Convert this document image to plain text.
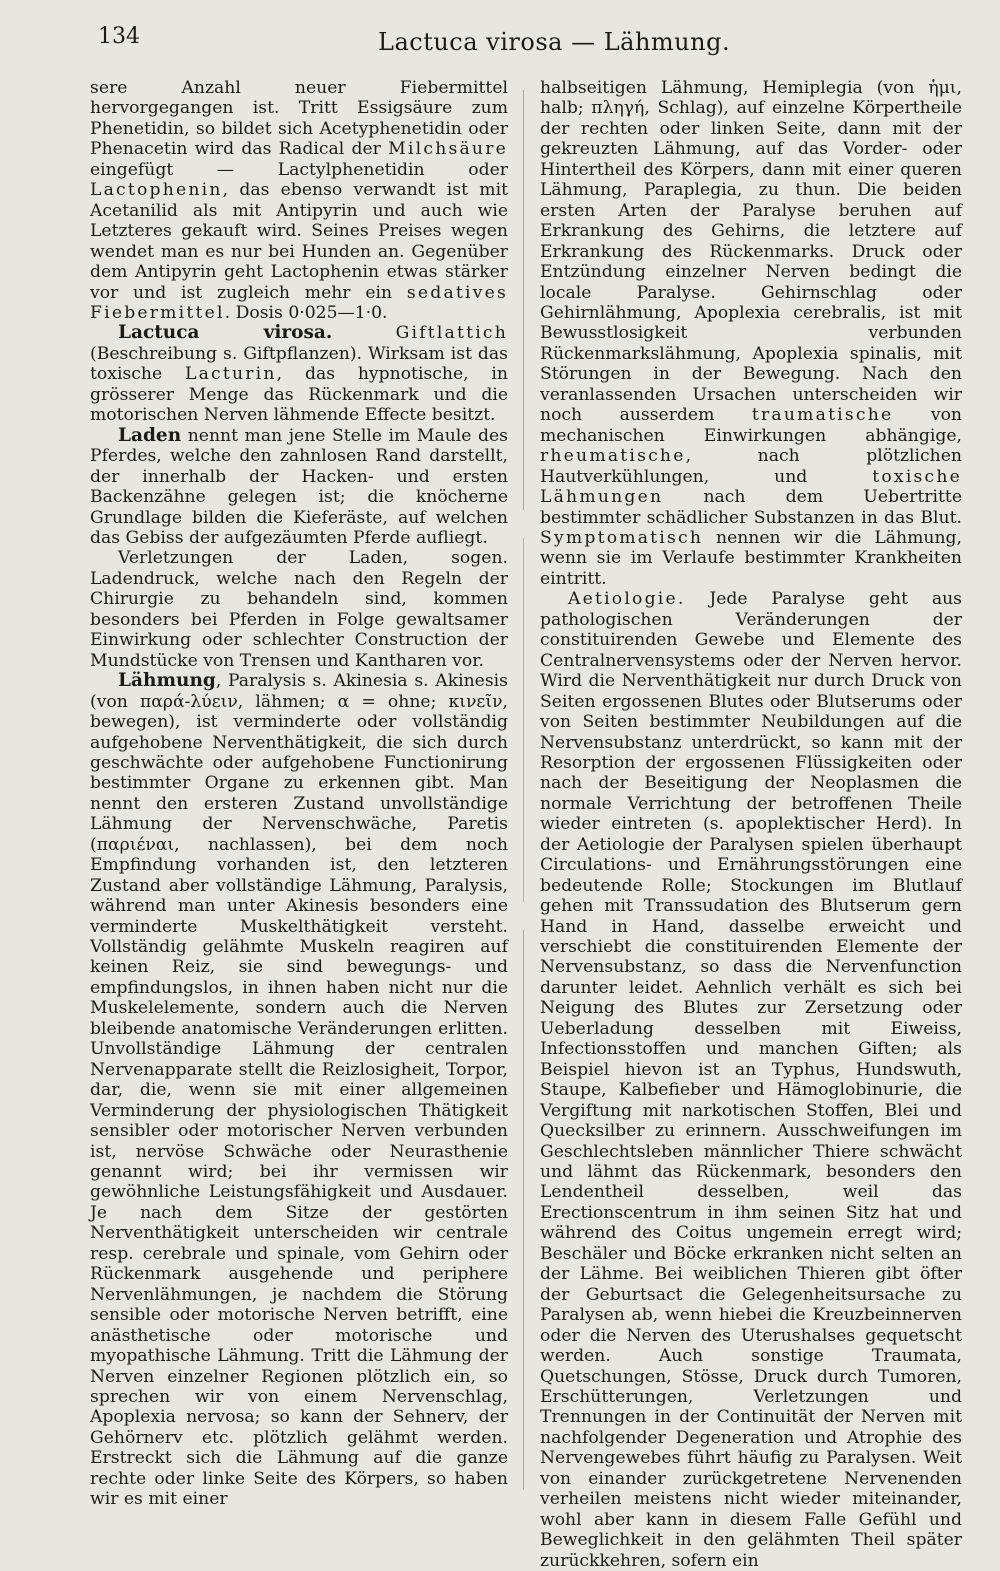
134	Lactuca virosa — Lähmung.

sere Anzahl neuer Fiebermittel hervorgegangen ist. Tritt Essigsäure zum Phenetidin, so bildet sich Acetyphenetidin oder Phenacetin wird das Radical der Milchsäure eingefügt — Lactylphenetidin oder Lactophenin, das ebenso verwandt ist mit Acetanilid als mit Antipyrin und auch wie Letzteres gekauft wird. Seines Preises wegen wendet man es nur bei Hunden an. Gegenüber dem Antipyrin geht Lactophenin etwas stärker vor und ist zugleich mehr ein sedatives Fiebermittel. Dosis 0·025—1·0.

Lactuca virosa.	Giftlattich (Beschreibung s. Giftpflanzen). Wirksam ist das toxische Lacturin, das hypnotische, in grösserer Menge das Rückenmark und die motorischen Nerven lähmende Effecte besitzt.

Laden nennt man jene Stelle im Maule des Pferdes, welche den zahnlosen Rand darstellt, der innerhalb der Hacken- und ersten Backenzähne gelegen ist; die knöcherne Grundlage bilden die Kieferäste, auf welchen das Gebiss der aufgezäumten Pferde aufliegt.

Verletzungen der Laden, sogen. Ladendruck, welche nach den Regeln der Chirurgie zu behandeln sind, kommen besonders bei Pferden in Folge gewaltsamer Einwirkung oder schlechter Construction der Mundstücke von Trensen und Kantharen vor.

Lähmung, Paralysis s. Akinesia s. Akinesis (von παρά-λύειν, lähmen; α = ohne; κινεῖν, bewegen), ist verminderte oder vollständig aufgehobene Nerventhätigkeit, die sich durch geschwächte oder aufgehobene Functionirung bestimmter Organe zu erkennen gibt. Man nennt den ersteren Zustand unvollständige Lähmung der Nervenschwäche, Paretis (παριέναι, nachlassen), bei dem noch Empfindung vorhanden ist, den letzteren Zustand aber vollständige Lähmung, Paralysis, während man unter Akinesis besonders eine verminderte Muskelthätigkeit versteht. Vollständig gelähmte Muskeln reagiren auf keinen Reiz, sie sind bewegungs- und empfindungslos, in ihnen haben nicht nur die Muskelelemente, sondern auch die Nerven bleibende anatomische Veränderungen erlitten. Unvollständige Lähmung der centralen Nervenapparate stellt die Reizlosigheit, Torpor, dar, die, wenn sie mit einer allgemeinen Verminderung der physiologischen Thätigkeit sensibler oder motorischer Nerven verbunden ist, nervöse Schwäche oder Neurasthenie genannt wird; bei ihr vermissen wir gewöhnliche Leistungsfähigkeit und Ausdauer. Je nach dem Sitze der gestörten Nerventhätigkeit unterscheiden wir centrale resp. cerebrale und spinale, vom Gehirn oder Rückenmark ausgehende und periphere Nervenlähmungen, je nachdem die Störung sensible oder motorische Nerven betrifft, eine anästhetische oder motorische und myopathische Lähmung. Tritt die Lähmung der Nerven einzelner Regionen plötzlich ein, so sprechen wir von einem Nervenschlag, Apoplexia nervosa; so kann der Sehnerv, der Gehörnerv etc. plötzlich gelähmt werden. Erstreckt sich die Lähmung auf die ganze rechte oder linke Seite des Körpers, so haben wir es mit einer

halbseitigen Lähmung, Hemiplegia (von ἡμι, halb; πληγή, Schlag), auf einzelne Körpertheile der rechten oder linken Seite, dann mit der gekreuzten Lähmung, auf das Vorder- oder Hintertheil des Körpers, dann mit einer queren Lähmung, Paraplegia, zu thun. Die beiden ersten Arten der Paralyse beruhen auf Erkrankung des Gehirns, die letztere auf Erkrankung des Rückenmarks. Druck oder Entzündung einzelner Nerven bedingt die locale Paralyse. Gehirnschlag oder Gehirnlähmung, Apoplexia cerebralis, ist mit Bewusstlosigkeit verbunden Rückenmarkslähmung, Apoplexia spinalis, mit Störungen in der Bewegung. Nach den veranlassenden Ursachen unterscheiden wir noch ausserdem traumatische von mechanischen Einwirkungen abhängige, rheumatische, nach plötzlichen Hautverkühlungen, und	toxische Lähmungen nach dem Uebertritte bestimmter schädlicher Substanzen in das Blut. Symptomatisch nennen wir die Lähmung, wenn sie im Verlaufe bestimmter Krankheiten eintritt.

Aetiologie. Jede Paralyse geht aus pathologischen Veränderungen der constituirenden Gewebe und Elemente des Centralnervensystems oder der Nerven hervor. Wird die Nerventhätigkeit nur durch Druck von Seiten ergossenen Blutes oder Blutserums oder von Seiten bestimmter Neubildungen auf die Nervensubstanz unterdrückt, so kann mit der Resorption der ergossenen Flüssigkeiten oder nach der Beseitigung der Neoplasmen die normale Verrichtung der betroffenen Theile wieder eintreten (s. apoplektischer Herd). In der Aetiologie der Paralysen spielen überhaupt Circulations- und Ernährungsstörungen eine bedeutende Rolle; Stockungen im Blutlauf gehen mit Transsudation des Blutserum gern Hand in Hand, dasselbe erweicht und verschiebt die constituirenden Elemente der Nervensubstanz, so dass die Nervenfunction darunter leidet. Aehnlich verhält es sich bei Neigung des Blutes zur Zersetzung oder Ueberladung desselben mit Eiweiss, Infectionsstoffen und manchen Giften; als Beispiel hievon ist an Typhus, Hundswuth, Staupe, Kalbefieber und Hämoglobinurie, die Vergiftung mit narkotischen Stoffen, Blei und Quecksilber zu erinnern. Ausschweifungen im Geschlechtsleben männlicher Thiere schwächt und lähmt das Rückenmark, besonders den Lendentheil desselben, weil das Erectionscentrum in ihm seinen Sitz hat und während des Coitus ungemein erregt wird; Beschäler und Böcke erkranken nicht selten an der Lähme. Bei weiblichen Thieren gibt öfter der Geburtsact die Gelegenheitsursache zu Paralysen ab, wenn hiebei die Kreuzbeinnerven oder die Nerven des Uterushalses gequetscht werden. Auch sonstige Traumata, Quetschungen, Stösse, Druck durch Tumoren, Erschütterungen, Verletzungen und Trennungen in der Continuität der Nerven mit nachfolgender Degeneration und Atrophie des Nervengewebes führt häufig zu Paralysen. Weit von einander zurückgetretene Nervenenden verheilen meistens nicht wieder miteinander, wohl aber kann in diesem Falle Gefühl und Beweglichkeit in den gelähmten Theil später zurückkehren, sofern ein
